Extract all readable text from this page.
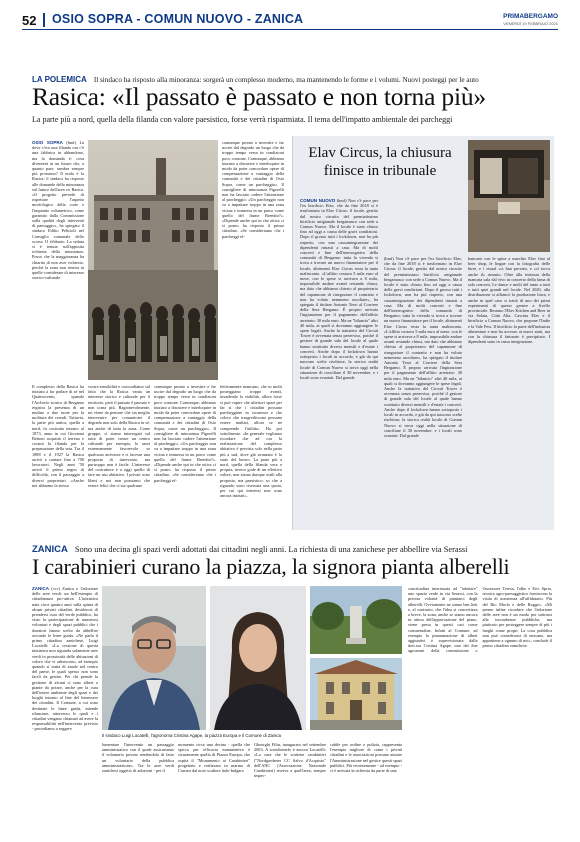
52 OSIO SOPRA - COMUN NUOVO - ZANICA	PRIMABERGAMO
VENERDÌ 19 FEBBRAIO 2021
LA POLEMICA Il sindaco ha risposto alla minoranza: sorgerà un complesso moderno, ma mantenendo le forme e i volumi. Nuovi posteggi per le auto
Rasica: «Il passato è passato e non torna più»
La parte più a nord, quella della filanda con valore paesistico, forse verrà risparmiata. Il tema dell'impatto ambientale dei parcheggi
OSIO SOPRA (bmf) Là dove c'era una filanda ora c'è una fabbrica in abbandono, ma la domanda è: cosa diventerà in un futuro che, a quanto pare, sembra sempre più prossimo? Il nodo è la Rasica: il sindaco ha risposto alle domande della minoranza sul futuro dell'area ex Rasica. «Il progetto prevede di rispettare l'aspetto morfologico della corte e l'impianto volumetrico, come garantito dalla Commissione sulla qualità degli interventi di paesaggio», ha spiegato il sindaco Edilio Pelicioli nel Consiglio comunale dello scorso 11 febbraio. La seduta si è tenuta sull'apposita richiesta della minoranza. Posso che la maggioranza ha chiarito di non aver richiesto, perché la zona non rientra in quelle considerate di interesse storico-culturale.
Il complesso della Rasica ha iniziato a far parlare di sé nel Quattrocento, quando l'Archivio storico di Bergamo registra la presenza di un mulino a due ruote per la molitura dei cereali. Tuttavia, la parte più antica, quella a nord, fu costruita intorno al 1873, anno in cui Giovanni Bettoni acquistò il terreno e costruì la filanda per la preparazione della seta. Tra il 1888 e il 1927 la Rasica arrivò a contare fino a 700 lavoratori. Negli anni '50 arrivò il primo segno di difficoltà, con il passaggio a diversi proprietari. «Anche noi abbiamo la stessa
vostra sensibilità e concordiamo sul fatto che la Rasica vanta un interesse storico e culturale per il territorio, però il passato è passato e non torna più. Ragionevolmente, mi viene da pensare che sia meglio intervenire per comunicare il degrado non solo della Rasica in sé, ma anche di tutta la zona. Come gruppo, ci siamo interrogati sul tutto di poter creare un centro culturale per esempio, lo sarei estremamente favorevole se qualcuno arrivasse e ci facesse una proposta di intervento, ma purtroppo non è facile. L'interesse del costruttore è a oggi quello di fare un uso abitativo. I privati sono liberi e noi non possiamo che essere felici che ci sia qualcuno
comunque pronto a investire e far uscire dal degrado un luogo che da troppo tempo versa in condizioni poco consone. Comunque, abbiamo iniziato a discutere e interloquire in modo da poter concordare opere di compensazione a vantaggio della comunità e dei cittadini di Osio Sopra, come un parcheggio». Il consigliere di minoranza Pigorelli non ha lasciato cadere l'attenzione al parcheggio: «Un parcheggio non va a impattare troppo in una zona vicina e immersa in un parco come quello del fiume Brembo?». «Dipende anche qui in che ottica ci si pone» ha risposto il primo cittadino. «Se consideriamo che i parcheggi ef-
fettivamente mancano, che in molti posteggiano troppo avanti, invadendo la viabilità, allora forse sì può capire che ulteriori spazi per far sì che i cittadini possano parcheggiare in sicurezza e che coloro che trasgrediscono possano essere multati, allora se ne comprende l'utilità». Ha poi sottolineato: «In generale vogliamo ricordare che ad ora la realizzazione del complesso abitativo è prevista solo nella parte più a sud, dove già avanzato è lo stato del lavoro. La parte più a nord, quella della filanda vera e propria, invece gode di un effettivo valore, non siamo dunque ostili alla proposta, ma paesistico: so che a riguardo sono riservata una quota, per cui qui interessi non sono ancora iniziati».
comunque pronto a investire e far uscire dal degrado un luogo che da troppo tempo versa in condizioni poco consone. Comunque, abbiamo iniziato a discutere e interloquire in modo da poter concordare opere di compensazione a vantaggio della comunità e dei cittadini di Osio Sopra, come un parcheggio». Il consigliere di minoranza Pigorelli non ha lasciato cadere l'attenzione al parcheggio: «Un parcheggio non va a impattare troppo in una zona vicina e immersa in un parco come quello del fiume Brembo?». «Dipende anche qui in che ottica ci si pone» ha risposto il primo cittadino. «Se consideriamo che i parcheggi ef-
Elav Circus, la chiusura finisce in tribunale
COMUN NUOVO (bmf) Non c'è pace per l'ex birrificio Elav, che da fine 2018 si è trasformato in Elav Circus: il locale, gestito dal nostro circuito del premiatissimo birrificio artigianale bergamasco con sede a Comun Nuovo. Ma il locale è stato chiuso fino ad oggi a causa delle gravi condizioni. Dopo il grosso tutti i lockdown, non ha più riaperto, con una cassaintegrazione dei dipendenti rimasti a casa. Ma di molti concerti e fine dell'interrogativo della comunità di Bergamo: tutta la vicenda si trova a trovare un nuovo finanziatore per il locale, altrimenti Elav Circus resta la tanta malinconia. «L'affitto costava 5 mila euro al mese, con le spese si arrivava a 8 mila, impossibile andare avanti restando chiusi, ma dato che abbiamo chiesto al proprietario del capannone di rinegoziare il contratto e non ha voluto nemmeno ascoltare», ha spiegato il titolare Antonio Terzi al Corriere della Sera Bergamo. È proprio arrivata l'ingiunzione per il pagamento dell'affitto arretrato: 30 mila euro. Ma ne "bilancio" altri 40 mila, ai quali si dovranno aggiungere le spese legali. Anche la trattativa del Circuit Tower è avvenuta senza preavviso, poiché il gestore di grande sala del locale al quale hanno sostituito diversi mensili e d'estate i concerti. Anche dopo il lockdown hanno sottoposto i locali in accordo, e già da qui nascono scelte rischiose, la storica realtà locale di Comun Nuovo si trova oggi nella situazione di conciliare il 30 novembre, e i locali sono svuotati. Dal grande
(bmf) Non c'è pace per l'ex birrificio Elav, che da fine 2018 si è trasformato in Elav Circus: il locale, gestito dal nostro circuito del premiatissimo birrificio artigianale bergamasco con sede a Comun Nuovo. Ma il locale è stato chiuso fino ad oggi a causa delle gravi condizioni. Dopo il grosso tutti i lockdown, non ha più riaperto, con una cassaintegrazione dei dipendenti rimasti a casa. Ma di molti concerti e fine dell'interrogativo della comunità di Bergamo: tutta la vicenda si trova a trovare un nuovo finanziatore per il locale, altrimenti Elav Circus resta la tanta malinconia. «L'affitto costava 5 mila euro al mese, con le spese si arrivava a 8 mila, impossibile andare avanti restando chiusi, ma dato che abbiamo chiesto al proprietario del capannone di rinegoziare il contratto e non ha voluto nemmeno ascoltare», ha spiegato il titolare Antonio Terzi al Corriere della Sera Bergamo. È proprio arrivata l'ingiunzione per il pagamento dell'affitto arretrato: 30 mila euro. Ma ne "bilancio" altri 40 mila, ai quali si dovranno aggiungere le spese legali. Anche la trattativa del Circuit Tower è avvenuta senza preavviso, poiché il gestore di grande sala del locale al quale hanno sostituito diversi mensili e d'estate i concerti. Anche dopo il lockdown hanno sottoposto i locali in accordo, e già da qui nascono scelte rischiose, la storica realtà locale di Comun Nuovo si trova oggi nella situazione di conciliare il 30 novembre, e i locali sono svuotati. Dal grande
bancone con le spine a marchio Elav fino al beer shop, le lingue con la fotografia delle birre, e i visual «ci han provato, e «ci tocca anche il» rimasto. Oltre alla tristezza della mancata sala dal vivo in concerto della fama di sala concerti, Le dance e molti del tanto a tutti e tutti quei grandi nel locale. Nel 2020, alla distribuzione si affiancò la produzione birra, e anche in quel caso si trattò di uno dei primi esperimenti di questo genere a livello provinciale. Restano l'Elav Kitchen and Beer in via Solata, Città Alta, Cascina Elav e il birrificio a Comun Nuovo, che propone l'Indie e la Vale Fest. Il birrificio fa parte dell'industria alimentare e non ha accesso ai nuovi aiuti, ma con la chiusura il fatturato è precipitato. I dipendenti sono in cassa integrazione.
ZANICA Sono una decina gli spazi verdi adottati dai cittadini negli anni. La richiesta di una zanichese per abbellire via Serassi
I carabinieri curano la piazza, la signora pianta alberelli
ZANICA (ccc) Zanica e l'adozione delle aree verdi: un bell'esempio di cittadinanza pro-attiva. L'iniziativa nata circa quattro anni sulla spinta di alcuni privati cittadini, desiderosi di prendersi cura del verde pubblico, ha visto la partecipazione di numerosi volontari e degli spazi pubblici che i donatori hanno scelto da abbellire secondo le linee guida. «Ne parla il primo cittadino zanichese, Luigi Locatelli: «La cessione di questa iniziativa non riguarda solamente aree verdi in prossimità delle abitazioni di coloro che vi aderiscono, ad esempio quando si tratta di aiuole nel centro del paese, le quali spesso non sono facili da gestire. Per chi prende la gestione di alcuni ci sono alberi o piante da potare, anche per la cura dell'intero ambiente degli spazi e dei luoghi intorno al fine del benessere dei cittadini. Il Comune, a cui sono destinate le linee guida, intende rilanciare, attraverso le quali e i cittadini vengano chiamati ad avere la responsabilità nell'intervento previsto - procediamo a reggere
Il sindaco Luigi Locatelli, l'agronoma Cristina Agape, la piazza Europa e il Comune di Zanica
lumentare l'intervento un passaggio amministrativo con il quale assicuriamo il volontario privato rendendolo di fatto un volontario della pubblica amministrazione». Tra le aree verdi zanichesi oggetto di adozioni - per il
momento circa una decina - quella che spicca per efficacia manutentiva è sicuramente quella di Piazza Europa, che ospita il "Monumento ai Carabinieri" progettato e realizzato in marmo di Carrara dal noto scultore italo-bulgaro
Gheorghi Filin, inaugurato nel settembre 2003. A sottolinearlo è ancora Locatelli: «La cura che le scatiene carabinieri ("Nordgardener CC Salvo d'Acquisto" dell'ANC (Associazione Nazionale Carabinieri) riserva a quell'area, sempre impec-
cabile per ordine e pulizia, rappresenta l'esempio migliore di come i privati cittadini e le associazioni possano aiutare l'Amministrazione nel gestire questi spazi pubblici. Più recentemente - ad esempio - ci è arrivata la richiesta da parte di una
concittadina interessata ad "adottare" uno spazio verde in via Serassi, con la precisa volontà di piantarci degli alberelli. Ovviamente ne siamo ben lieti e, al contrario, che l'idea si concretizza a breve, la zona, anche se siamo ancora in attesa dell'approvazione del piano, viene presa in questi casi come consuetudine. Infatti al Comune: ad esempio la piantumazione di alberi aggiuntivi è supervisionata dalla dott.ssa Cristina Agape, uno dei due agronomi della commissione o l'assessore Teresa, l'albo e Eric Sprio, tecnico agro-paesaggistico forniscono la visita di assistenza all'affidatario. Più del Rio Morla e delle Rogge». «Mi preme infine ricordare che l'adozione delle aree non è un modo per sottrarsi alle incombenze pubbliche, ma piuttosto per proteggere sempre di più i luoghi come propri. La cosa pubblica non può considerarsi di nessuno, ma appartiene a ognuno di noi», conclude il primo cittadino zanichese.
